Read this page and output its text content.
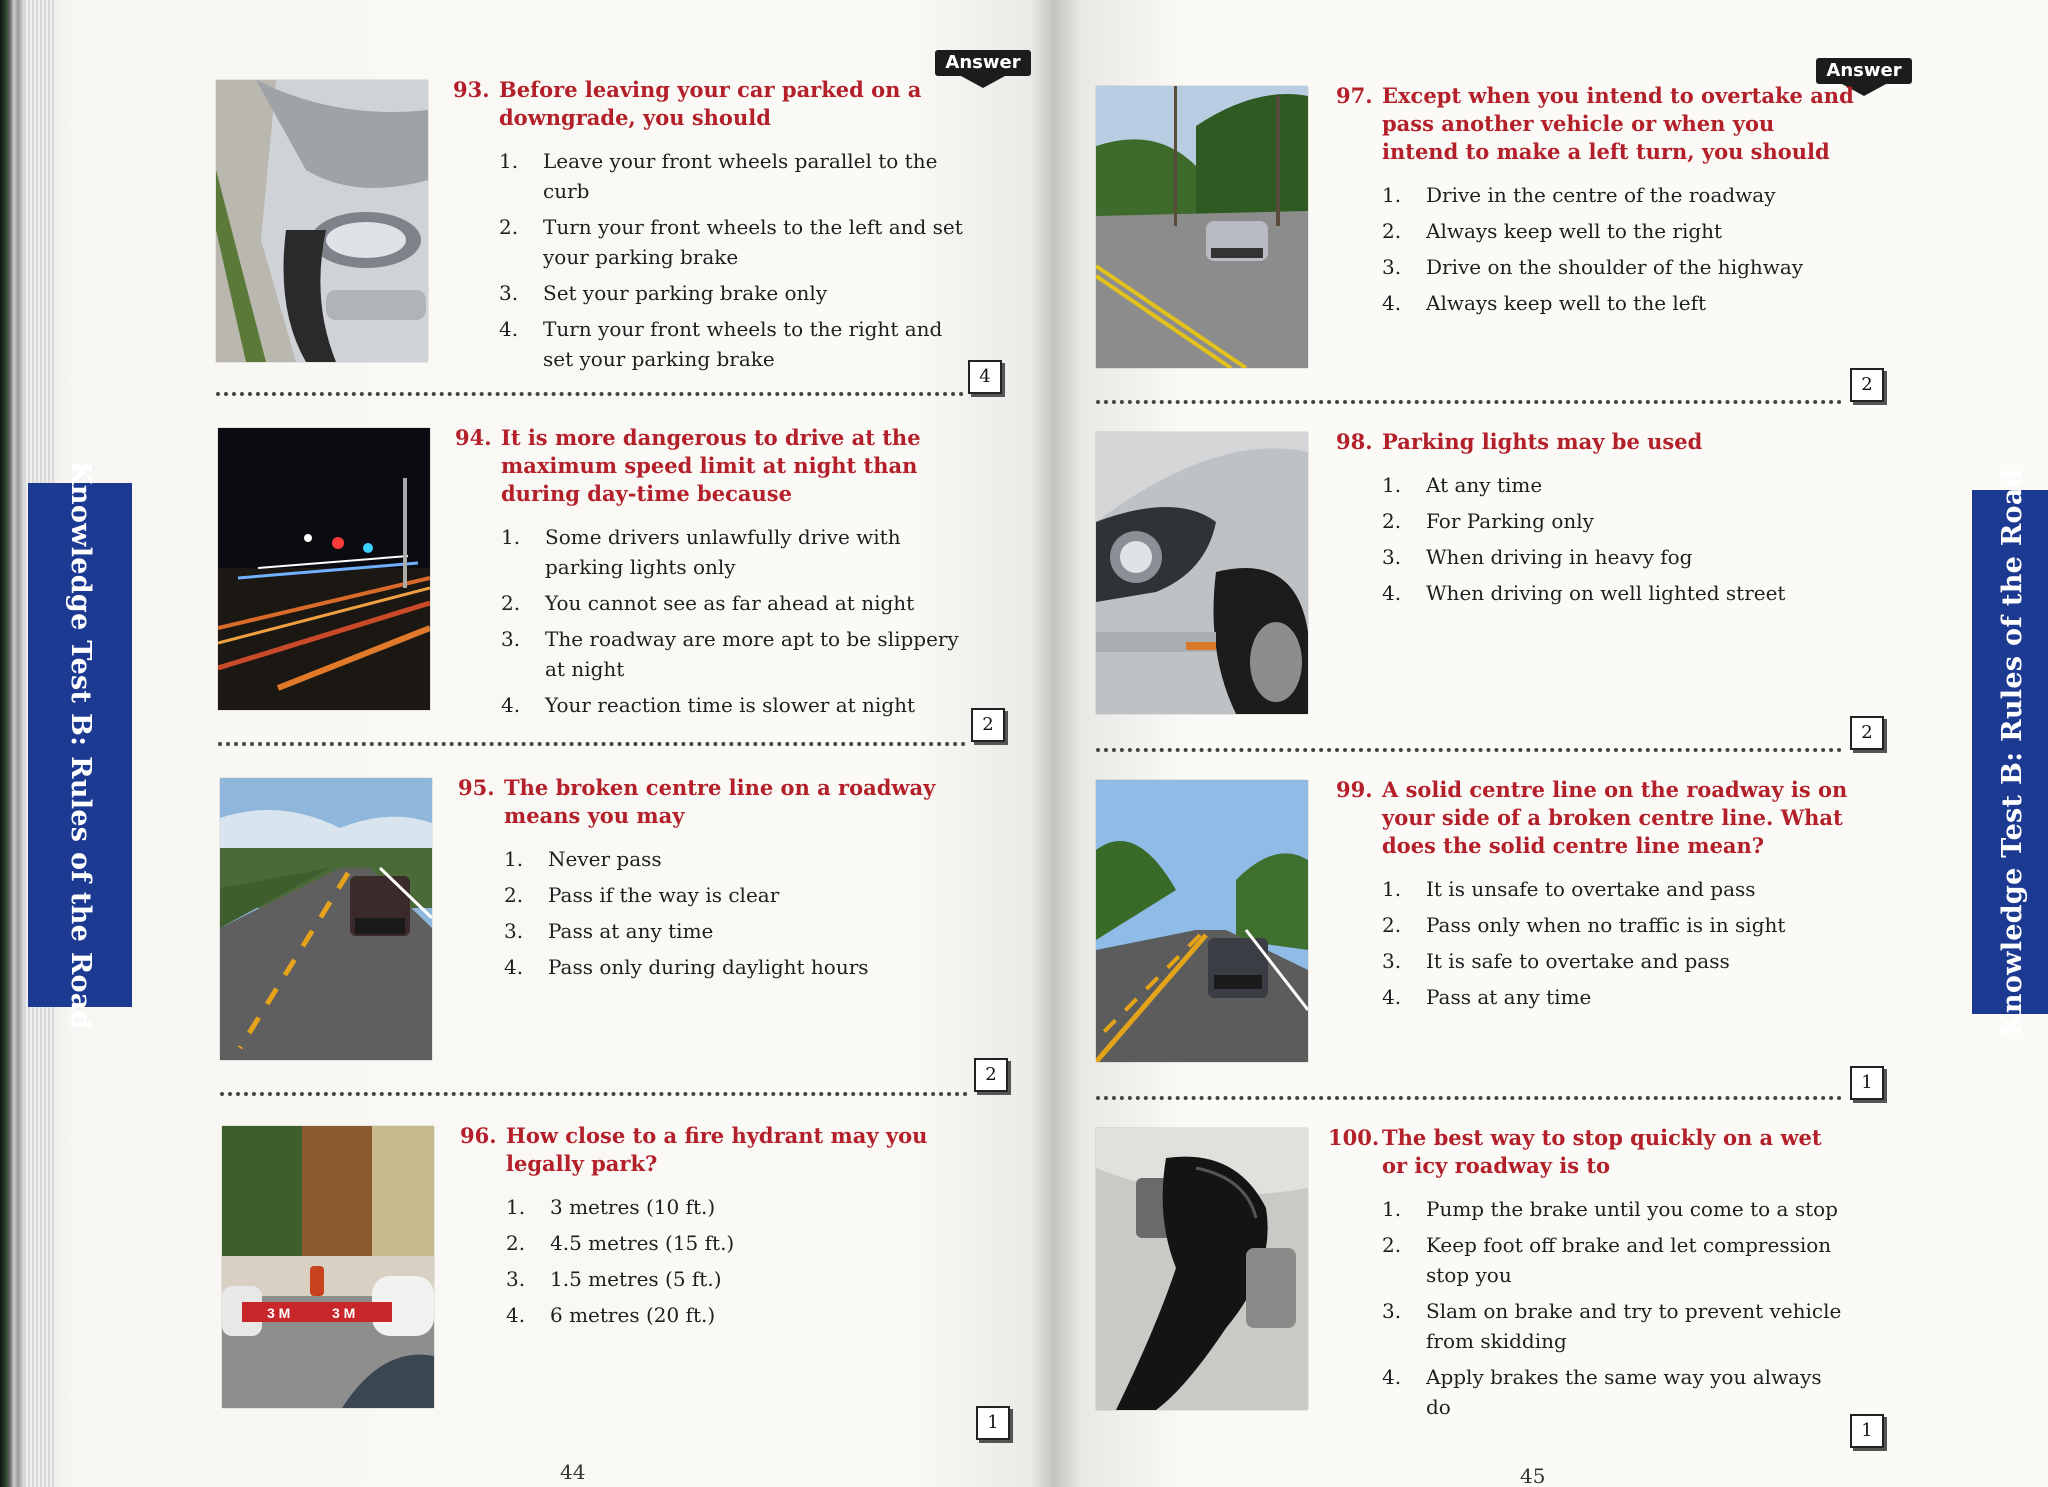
Knowledge Test B: Rules of the Road
Answer
93. Before leaving your car parked on a downgrade, you should
1.	Leave your front wheels parallel to the curb
2.	Turn your front wheels to the left and set your parking brake
3.	Set your parking brake only
4.	Turn your front wheels to the right and set your parking brake
4
94. It is more dangerous to drive at the maximum speed limit at night than during day-time because
1.	Some drivers unlawfully drive with parking lights only
2.	You cannot see as far ahead at night
3.	The roadway are more apt to be slippery at night
4.	Your reaction time is slower at night
2
95. The broken centre line on a roadway means you may
1.	Never pass
2.	Pass if the way is clear
3.	Pass at any time
4.	Pass only during daylight hours
2
3 M	3 M
96. How close to a fire hydrant may you legally park?
1.	3 metres (10 ft.)
2.	4.5 metres (15 ft.)
3.	1.5 metres (5 ft.)
4.	6 metres (20 ft.)
1
44
Answer
97. Except when you intend to overtake and pass another vehicle or when you intend to make a left turn, you should
1.	Drive in the centre of the roadway
2.	Always keep well to the right
3.	Drive on the shoulder of the highway
4.	Always keep well to the left
2
98. Parking lights may be used
1.	At any time
2.	For Parking only
3.	When driving in heavy fog
4.	When driving on well lighted street
2
99. A solid centre line on the roadway is on your side of a broken centre line. What does the solid centre line mean?
1.	It is unsafe to overtake and pass
2.	Pass only when no traffic is in sight
3.	It is safe to overtake and pass
4.	Pass at any time
1
100. The best way to stop quickly on a wet or icy roadway is to
1.	Pump the brake until you come to a stop
2.	Keep foot off brake and let compression stop you
3.	Slam on brake and try to prevent vehicle from skidding
4.	Apply brakes the same way you always do
1
45
Knowledge Test B: Rules of the Road
